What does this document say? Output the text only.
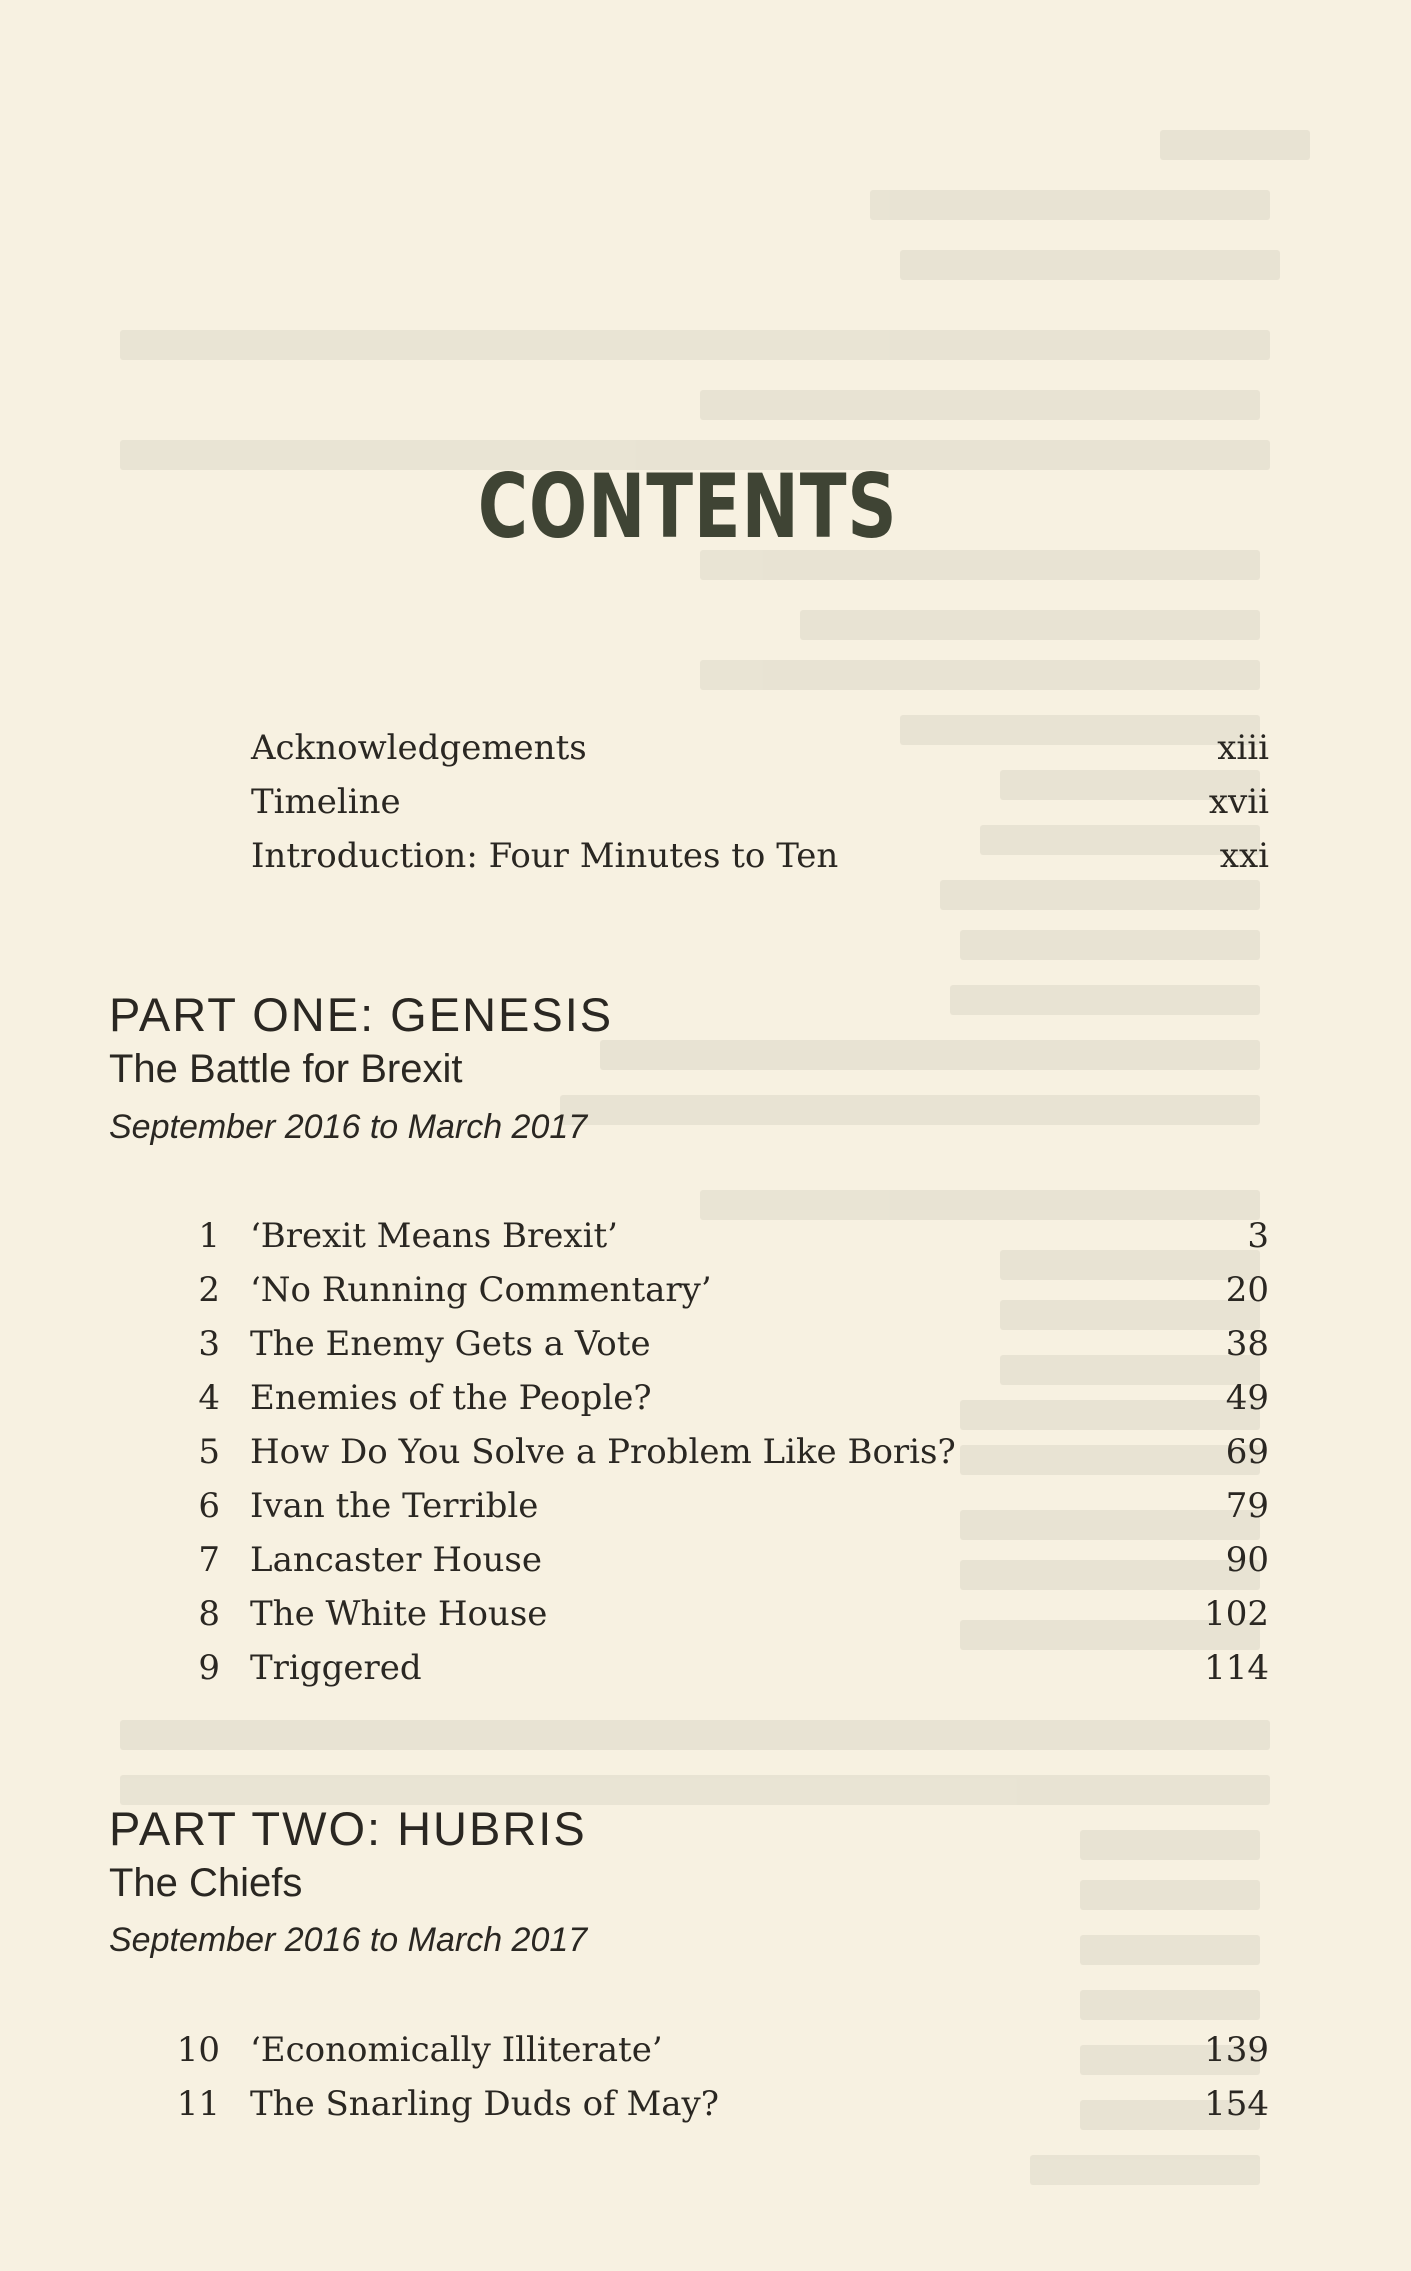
CONTENTS
Acknowledgements	xiii
Timeline	xvii
Introduction: Four Minutes to Ten	xxi
PART ONE: GENESIS
The Battle for Brexit
September 2016 to March 2017
1 ‘Brexit Means Brexit’	3
2 ‘No Running Commentary’	20
3 The Enemy Gets a Vote	38
4 Enemies of the People?	49
5 How Do You Solve a Problem Like Boris?	69
6 Ivan the Terrible	79
7 Lancaster House	90
8 The White House	102
9 Triggered	114
PART TWO: HUBRIS
The Chiefs
September 2016 to March 2017
10 ‘Economically Illiterate’	139
11 The Snarling Duds of May?	154
